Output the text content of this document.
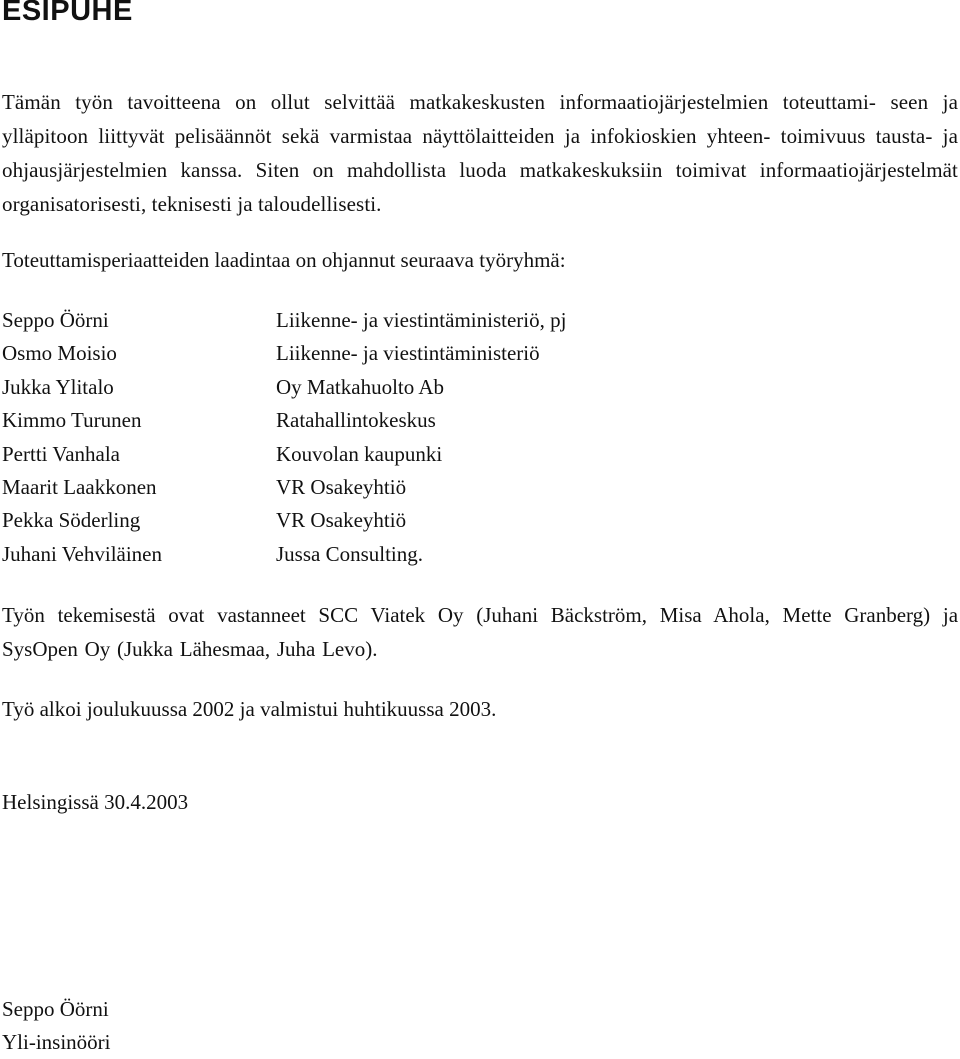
ESIPUHE

Tämän työn tavoitteena on ollut selvittää matkakeskusten informaatiojärjestelmien toteuttami- seen ja ylläpitoon liittyvät pelisäännöt sekä varmistaa näyttölaitteiden ja infokioskien yhteen- toimivuus tausta- ja ohjausjärjestelmien kanssa. Siten on mahdollista luoda matkakeskuksiin toimivat informaatiojärjestelmät organisatorisesti, teknisesti ja taloudellisesti.

Toteuttamisperiaatteiden laadintaa on ohjannut seuraava työryhmä:

Seppo Öörni	Liikenne- ja viestintäministeriö, pj
Osmo Moisio	Liikenne- ja viestintäministeriö
Jukka Ylitalo	Oy Matkahuolto Ab
Kimmo Turunen	Ratahallintokeskus
Pertti Vanhala	Kouvolan kaupunki
Maarit Laakkonen	VR Osakeyhtiö
Pekka Söderling	VR Osakeyhtiö
Juhani Vehviläinen	Jussa Consulting.

Työn tekemisestä ovat vastanneet SCC Viatek Oy (Juhani Bäckström, Misa Ahola, Mette Granberg) ja SysOpen Oy (Jukka Lähesmaa, Juha Levo).

Työ alkoi joulukuussa 2002 ja valmistui huhtikuussa 2003.

Helsingissä 30.4.2003

Seppo Öörni
Yli-insinööri
